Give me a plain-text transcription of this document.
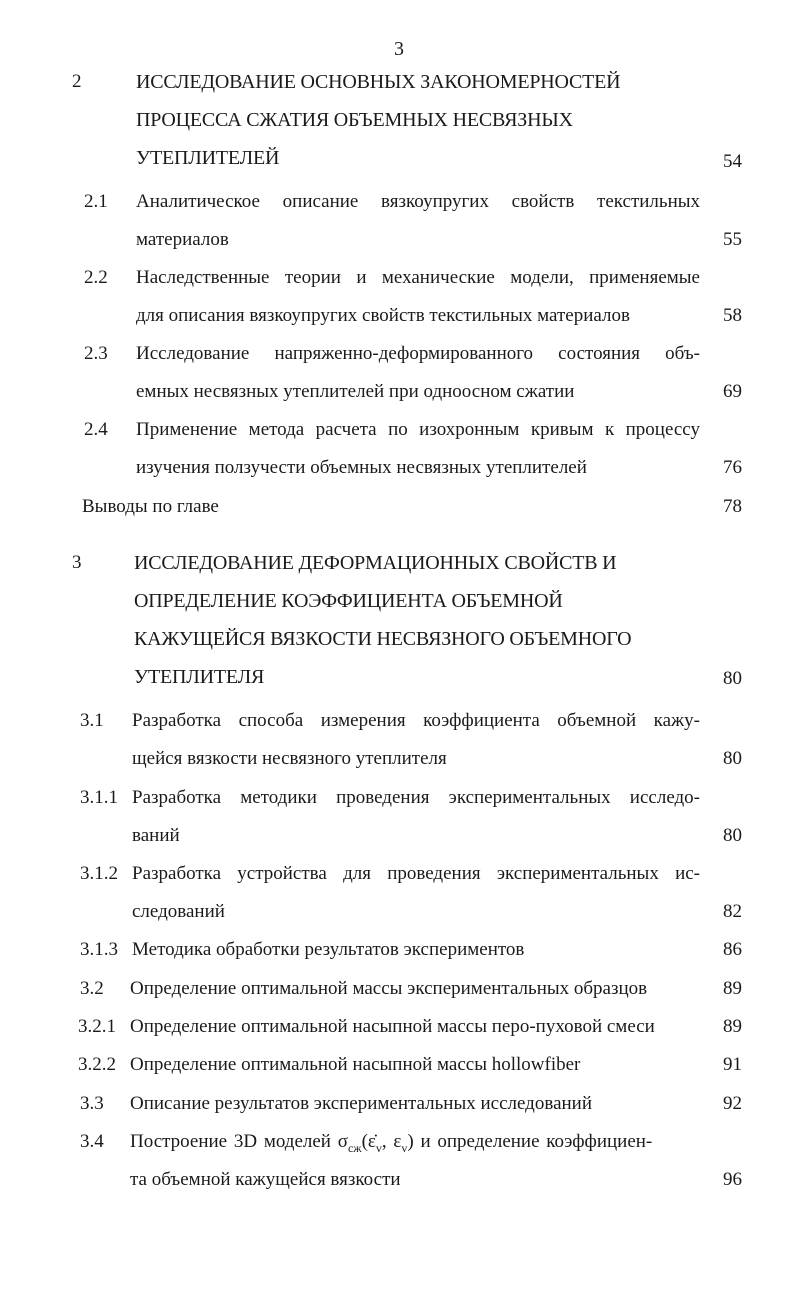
3
2	ИССЛЕДОВАНИЕ ОСНОВНЫХ ЗАКОНОМЕРНОСТЕЙ
ПРОЦЕССА СЖАТИЯ ОБЪЕМНЫХ НЕСВЯЗНЫХ
УТЕПЛИТЕЛЕЙ	54
2.1 Аналитическое описание вязкоупругих свойств текстильных
материалов	55
2.2 Наследственные теории и механические модели, применяемые
для описания вязкоупругих свойств текстильных материалов	58
2.3 Исследование напряженно-деформированного состояния объ-
емных несвязных утеплителей при одноосном сжатии	69
2.4 Применение метода расчета по изохронным кривым к процессу
изучения ползучести объемных несвязных утеплителей	76
Выводы по главе	78
3	ИССЛЕДОВАНИЕ ДЕФОРМАЦИОННЫХ СВОЙСТВ И
ОПРЕДЕЛЕНИЕ КОЭФФИЦИЕНТА ОБЪЕМНОЙ
КАЖУЩЕЙСЯ ВЯЗКОСТИ НЕСВЯЗНОГО ОБЪЕМНОГО
УТЕПЛИТЕЛЯ	80
3.1 Разработка способа измерения коэффициента объемной кажу-
щейся вязкости несвязного утеплителя	80
3.1.1 Разработка методики проведения экспериментальных исследо-
ваний	80
3.1.2 Разработка устройства для проведения экспериментальных ис-
следований	82
3.1.3 Методика обработки результатов экспериментов	86
3.2 Определение оптимальной массы экспериментальных образцов	89
3.2.1 Определение оптимальной насыпной массы перо-пуховой смеси	89
3.2.2 Определение оптимальной насыпной массы hollowfiber	91
3.3 Описание результатов экспериментальных исследований	92
3.4 Построение 3D моделей $\sigma_{сж}(\varepsiloṅ_v$, $\varepsilon_v$) и определение коэффициен-
та объемной кажущейся вязкости	96
